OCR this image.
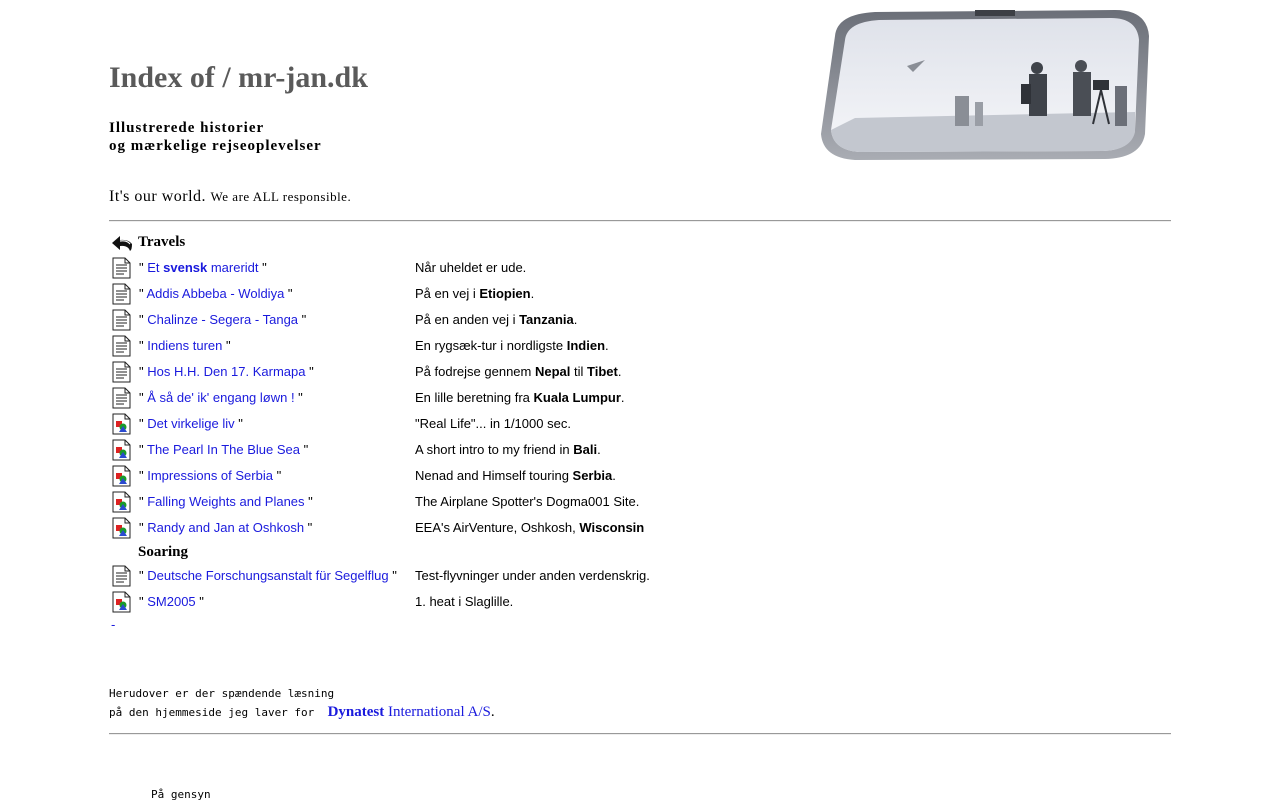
Index of / mr-jan.dk
Illustrerede historier
og mærkelige rejseoplevelser
It's our world. We are ALL responsible.
Travels
" Et svensk mareridt "	Når uheldet er ude.
" Addis Abbeba - Woldiya "	På en vej i Etiopien.
" Chalinze - Segera - Tanga "	På en anden vej i Tanzania.
" Indiens turen "	En rygsæk-tur i nordligste Indien.
" Hos H.H. Den 17. Karmapa "	På fodrejse gennem Nepal til Tibet.
" Å så de' ik' engang løwn ! "	En lille beretning fra Kuala Lumpur.
" Det virkelige liv "	"Real Life"... in 1/1000 sec.
" The Pearl In The Blue Sea "	A short intro to my friend in Bali.
" Impressions of Serbia "	Nenad and Himself touring Serbia.
" Falling Weights and Planes "	The Airplane Spotter's Dogma001 Site.
" Randy and Jan at Oshkosh "	EEA's AirVenture, Oshkosh, Wisconsin
Soaring
" Deutsche Forschungsanstalt für Segelflug " Test-flyvninger under anden verdenskrig.
" SM2005 "	1. heat i Slaglille.
-
Herudover er der spændende læsning
på den hjemmeside jeg laver for Dynatest International A/S.
På gensyn
